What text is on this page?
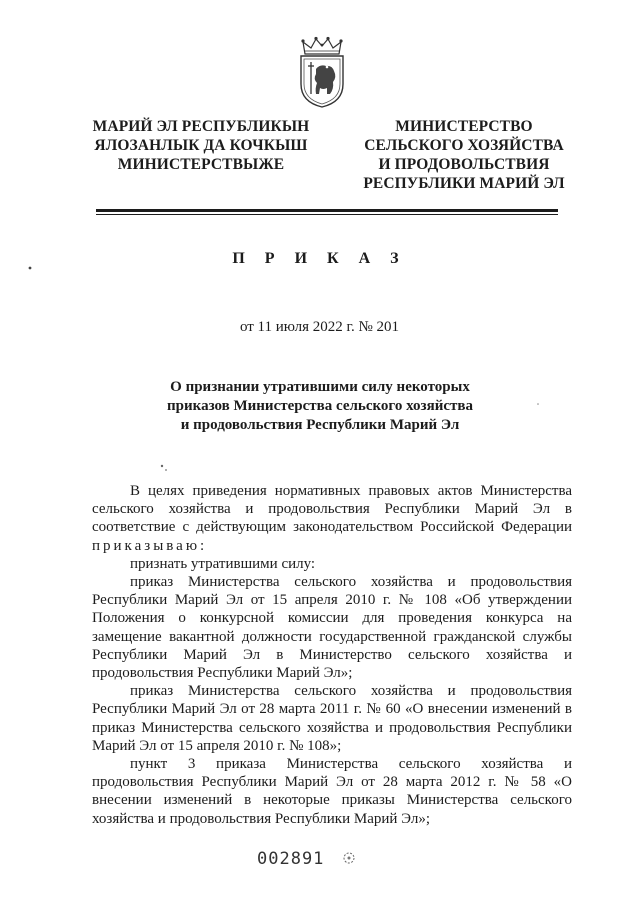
МАРИЙ ЭЛ РЕСПУБЛИКЫН
ЯЛОЗАНЛЫК ДА КОЧКЫШ
МИНИСТЕРСТВЫЖЕ
МИНИСТЕРСТВО
СЕЛЬСКОГО ХОЗЯЙСТВА
И ПРОДОВОЛЬСТВИЯ
РЕСПУБЛИКИ МАРИЙ ЭЛ
П Р И К А З
от 11 июля 2022 г. № 201
О признании утратившими силу некоторых
приказов Министерства сельского хозяйства
и продовольствия Республики Марий Эл

В целях приведения нормативных правовых актов Министерства сельского хозяйства и продовольствия Республики Марий Эл в соответствие с действующим законодательством Российской Федерации приказываю:

признать утратившими силу:

приказ Министерства сельского хозяйства и продовольствия Республики Марий Эл от 15 апреля 2010 г. № 108 «Об утверждении Положения о конкурсной комиссии для проведения конкурса на замещение вакантной должности государственной гражданской службы Республики Марий Эл в Министерство сельского хозяйства и продовольствия Республики Марий Эл»;

приказ Министерства сельского хозяйства и продовольствия Республики Марий Эл от 28 марта 2011 г. № 60 «О внесении изменений в приказ Министерства сельского хозяйства и продовольствия Республики Марий Эл от 15 апреля 2010 г. № 108»;

пункт 3 приказа Министерства сельского хозяйства и продовольствия Республики Марий Эл от 28 марта 2012 г. № 58 «О внесении изменений в некоторые приказы Министерства сельского хозяйства и продовольствия Республики Марий Эл»;

002891
